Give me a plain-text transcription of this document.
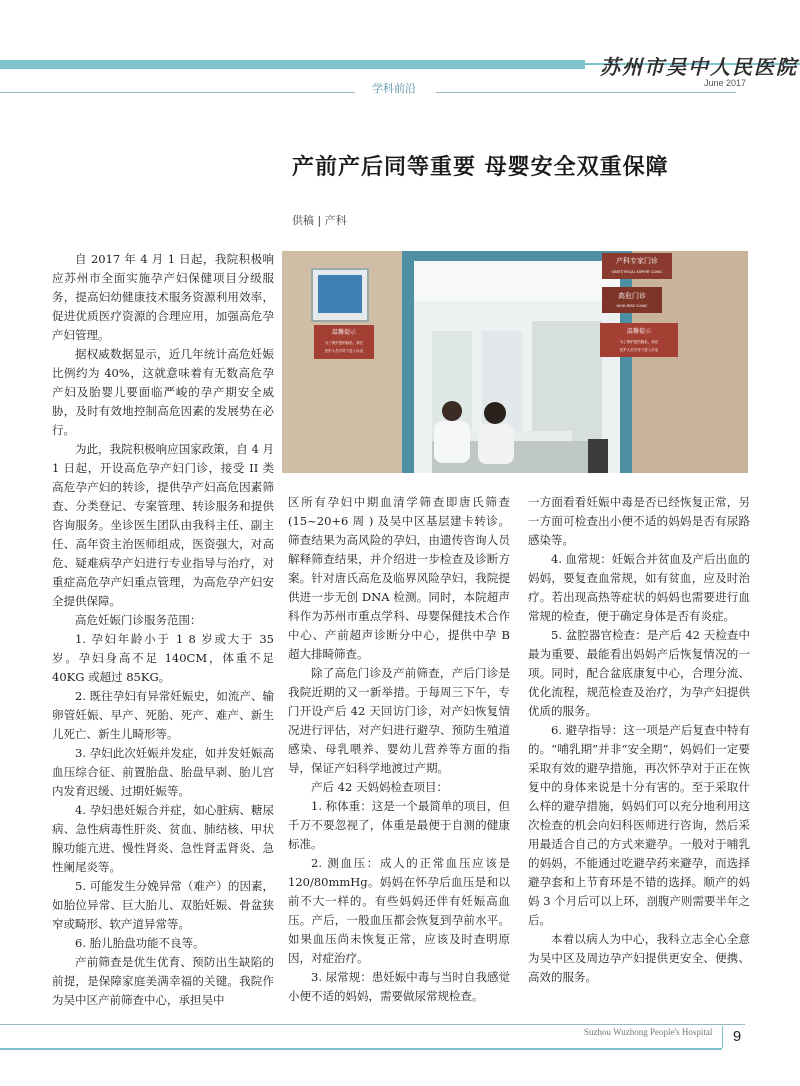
苏州市吴中人民医院
学科前沿	June 2017
产前产后同等重要 母婴安全双重保障
供稿 | 产科
产科专家门诊
OBSTETRICAL EXPERT CLINIC
高危门诊
HIGH-RISK CLINIC
温馨提示
为了保护您的隐私，请在
医护人员引导下进入诊室
温馨提示
为了保护您的隐私，请在
医护人员引导下进入诊室

自 2017 年 4 月 1 日起，我院积极响应苏州市全面实施孕产妇保健项目分级服务，提高妇幼健康技术服务资源利用效率，促进优质医疗资源的合理应用，加强高危孕产妇管理。

据权威数据显示，近几年统计高危妊娠比例约为 40%，这就意味着有无数高危孕产妇及胎婴儿要面临严峻的孕产期安全威胁，及时有效地控制高危因素的发展势在必行。

为此，我院积极响应国家政策，自 4 月 1 日起，开设高危孕产妇门诊，接受 II 类高危孕产妇的转诊，提供孕产妇高危因素筛查、分类登记、专案管理、转诊服务和提供咨询服务。坐诊医生团队由我科主任、副主任、高年资主治医师组成，医资强大，对高危、疑难病孕产妇进行专业指导与治疗，对重症高危孕产妇重点管理，为高危孕产妇安全提供保障。

高危妊娠门诊服务范围：

1. 孕妇年龄小于 1 8 岁或大于 35 岁。孕妇身高不足 140CM，体重不足 40KG 或超过 85KG。

2. 既往孕妇有异常妊娠史，如流产、输卵管妊娠、早产、死胎、死产、难产、新生儿死亡、新生儿畸形等。

3. 孕妇此次妊娠并发症，如并发妊娠高血压综合征、前置胎盘、胎盘早剥、胎儿宫内发育迟缓、过期妊娠等。

4. 孕妇患妊娠合并症，如心脏病、糖尿病、急性病毒性肝炎、贫血、肺结核、甲状腺功能亢进、慢性肾炎、急性肾盂肾炎、急性阑尾炎等。

5. 可能发生分娩异常（难产）的因素，如胎位异常、巨大胎儿、双胎妊娠、骨盆狭窄或畸形、软产道异常等。

6. 胎儿胎盘功能不良等。

产前筛查是优生优育、预防出生缺陷的前提，是保障家庭美满幸福的关键。我院作为吴中区产前筛查中心，承担吴中

区所有孕妇中期血清学筛查即唐氏筛查 (15~20+6 周 ) 及吴中区基层建卡转诊。筛查结果为高风险的孕妇，由遗传咨询人员解释筛查结果，并介绍进一步检查及诊断方案。针对唐氏高危及临界风险孕妇，我院提供进一步无创 DNA 检测。同时，本院超声科作为苏州市重点学科、母婴保健技术合作中心、产前超声诊断分中心，提供中孕 B 超大排畸筛查。

除了高危门诊及产前筛查，产后门诊是我院近期的又一新举措。于每周三下午，专门开设产后 42 天回访门诊，对产妇恢复情况进行评估，对产妇进行避孕、预防生殖道感染、母乳喂养、婴幼儿营养等方面的指导，保证产妇科学地渡过产期。

产后 42 天妈妈检查项目：

1. 称体重：这是一个最简单的项目，但千万不要忽视了，体重是最便于自测的健康标准。

2. 测血压：成人的正常血压应该是 120/80mmHg。妈妈在怀孕后血压是和以前不大一样的。有些妈妈还伴有妊娠高血压。产后，一般血压都会恢复到孕前水平。如果血压尚未恢复正常，应该及时查明原因，对症治疗。

3. 尿常规：患妊娠中毒与当时自我感觉小便不适的妈妈，需要做尿常规检查。

一方面看看妊娠中毒是否已经恢复正常，另一方面可检查出小便不适的妈妈是否有尿路感染等。

4. 血常规：妊娠合并贫血及产后出血的妈妈，要复查血常规，如有贫血，应及时治疗。若出现高热等症状的妈妈也需要进行血常规的检查，便于确定身体是否有炎症。

5. 盆腔器官检查：是产后 42 天检查中最为重要、最能看出妈妈产后恢复情况的一项。同时，配合盆底康复中心，合理分流、优化流程，规范检查及治疗，为孕产妇提供优质的服务。

6. 避孕指导：这一项是产后复查中特有的。“哺乳期”并非“安全期”，妈妈们一定要采取有效的避孕措施，再次怀孕对于正在恢复中的身体来说是十分有害的。至于采取什么样的避孕措施，妈妈们可以充分地利用这次检查的机会向妇科医师进行咨询，然后采用最适合自己的方式来避孕。一般对于哺乳的妈妈，不能通过吃避孕药来避孕，而选择避孕套和上节育环是不错的选择。顺产的妈妈 3 个月后可以上环，剖腹产则需要半年之后。

本着以病人为中心，我科立志全心全意为吴中区及周边孕产妇提供更安全、便携、高效的服务。

Suzhou Wuzhong People's Hospital	9
